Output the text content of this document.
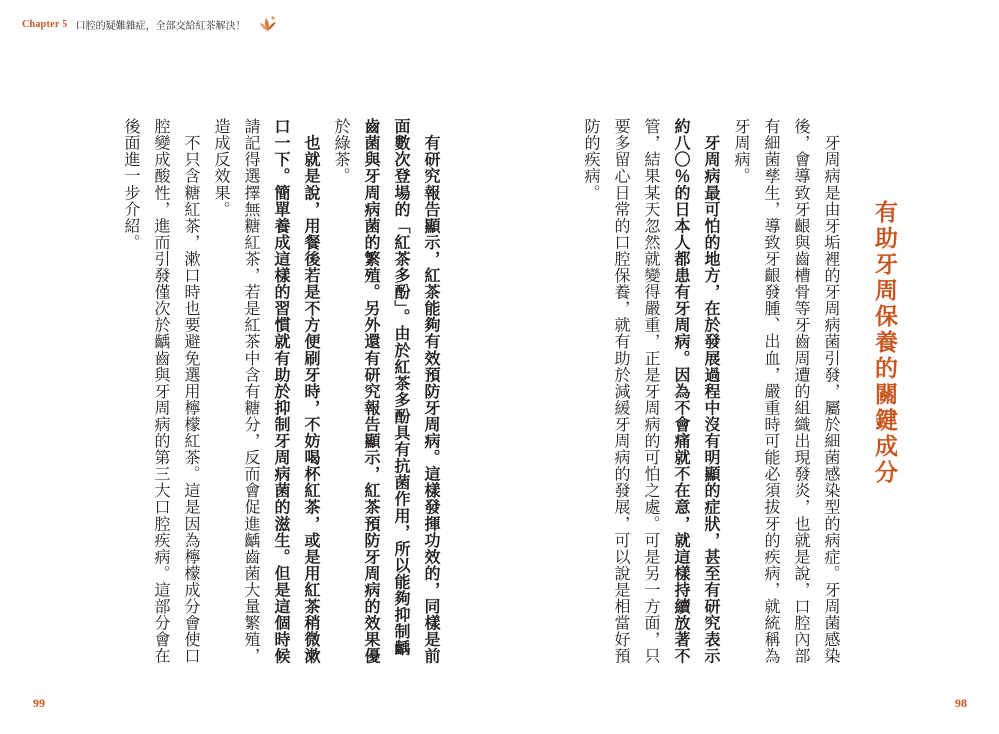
Chapter 5 口腔的疑難雜症，全部交給紅茶解決！
有助牙周保養的關鍵成分
　牙周病是由牙垢裡的牙周病菌引發，屬於細菌感染型的病症。牙周菌感染
後，會導致牙齦與齒槽骨等牙齒周遭的組織出現發炎，也就是說，口腔內部
有細菌孳生，導致牙齦發腫、出血，嚴重時可能必須拔牙的疾病，就統稱為
牙周病。
　牙周病最可怕的地方，在於發展過程中沒有明顯的症狀，甚至有研究表示
約八〇％的日本人都患有牙周病。因為不會痛就不在意，就這樣持續放著不
管，結果某天忽然就變得嚴重，正是牙周病的可怕之處。可是另一方面，只
要多留心日常的口腔保養，就有助於減緩牙周病的發展，可以說是相當好預
防的疾病。
　有研究報告顯示，紅茶能夠有效預防牙周病。這樣發揮功效的，同樣是前
面數次登場的「紅茶多酚」。由於紅茶多酚具有抗菌作用，所以能夠抑制齲
齒菌與牙周病菌的繁殖。另外還有研究報告顯示，紅茶預防牙周病的效果優
於綠茶。
　也就是說，用餐後若是不方便刷牙時，不妨喝杯紅茶，或是用紅茶稍微漱
口一下。簡單養成這樣的習慣就有助於抑制牙周病菌的滋生。但是這個時候
請記得選擇無糖紅茶，若是紅茶中含有糖分，反而會促進齲齒菌大量繁殖，
造成反效果。
　不只含糖紅茶，漱口時也要避免選用檸檬紅茶。這是因為檸檬成分會使口
腔變成酸性，進而引發僅次於齲齒與牙周病的第三大口腔疾病。這部分會在
後面進一步介紹。
99	98
